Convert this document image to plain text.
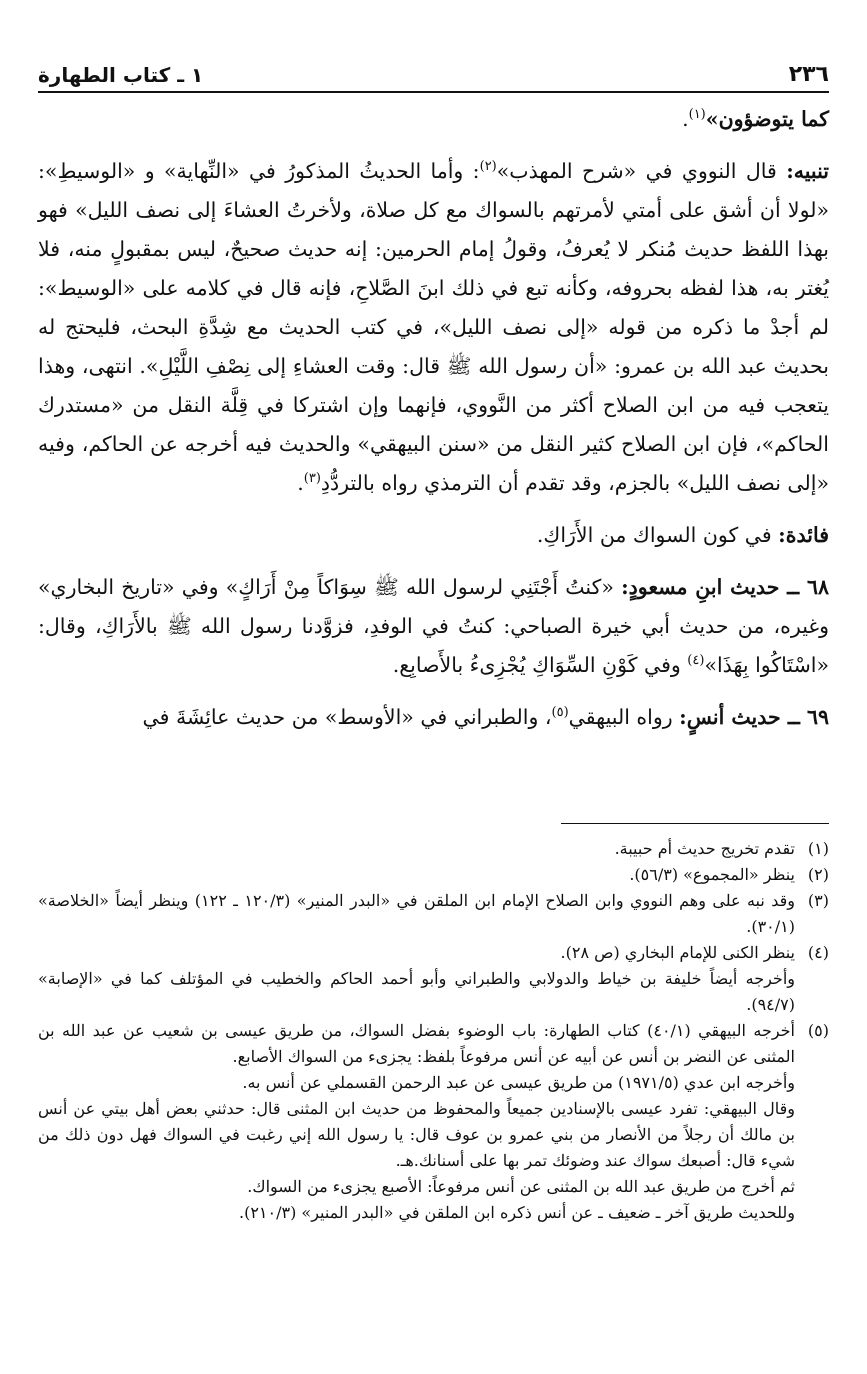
٢٣٦
١ ـ كتاب الطهارة

كما يتوضؤون»$^{(١)}$.

تنبيه: قال النووي في «شرح المهذب»$^{(٢)}$: وأما الحديثُ المذكورُ في «النِّهاية» و «الوسيطِ»: «لولا أن أشق على أمتي لأمرتهم بالسواك مع كل صلاة، ولأخرتُ العشاءَ إلى نصف الليل» فهو بهذا اللفظ حديث مُنكر لا يُعرفُ، وقولُ إمام الحرمين: إنه حديث صحيحٌ، ليس بمقبولٍ منه، فلا يُغتر به، هذا لفظه بحروفه، وكأنه تبع في ذلك ابنَ الصَّلاحِ، فإنه قال في كلامه على «الوسيط»: لم أجدْ ما ذكره من قوله «إلى نصف الليل»، في كتب الحديث مع شِدَّةِ البحث، فليحتج له بحديث عبد الله بن عمرو: «أن رسول الله ﷺ قال: وقت العشاءِ إلى نِصْفِ اللَّيْلِ». انتهى، وهذا يتعجب فيه من ابن الصلاح أكثر من النَّووي، فإنهما وإن اشتركا في قِلَّة النقل من «مستدرك الحاكم»، فإن ابن الصلاح كثير النقل من «سنن البيهقي» والحديث فيه أخرجه عن الحاكم، وفيه «إلى نصف الليل» بالجزم، وقد تقدم أن الترمذي رواه بالتردُّدِ$^{(٣)}$.

فائدة: في كون السواك من الأَرَاكِ.

٦٨ ــ حديث ابنِ مسعودٍ: «كنتُ أَجْتَنِي لرسول الله ﷺ سِوَاكاً مِنْ أَرَاكٍ» وفي «تاريخ البخاري» وغيره، من حديث أبي خيرة الصباحي: كنتُ في الوفدِ، فزوَّدنا رسول الله ﷺ بالأَرَاكِ، وقال: «اسْتَاكُوا بِهَذَا»$^{(٤)}$ وفي كَوْنِ السِّوَاكِ يُجْزِىءُ بالأَصابِع.

٦٩ ــ حديث أنسٍ: رواه البيهقي$^{(٥)}$، والطبراني في «الأوسط» من حديث عائِشَةَ في

(١)
تقدم تخريج حديث أم حبيبة.
(٢)
ينظر «المجموع» (٥٦/٣).
(٣)
وقد نبه على وهم النووي وابن الصلاح الإمام ابن الملقن في «البدر المنير» (١٢٠/٣ ـ ١٢٢) وينظر أيضاً «الخلاصة» (٣٠/١).
(٤)
ينظر الكنى للإمام البخاري (ص ٢٨).

وأخرجه أيضاً خليفة بن خياط والدولابي والطبراني وأبو أحمد الحاكم والخطيب في المؤتلف كما في «الإصابة» (٩٤/٧).

(٥)
أخرجه البيهقي (٤٠/١) كتاب الطهارة: باب الوضوء بفضل السواك، من طريق عيسى بن شعيب عن عبد الله بن المثنى عن النضر بن أنس عن أبيه عن أنس مرفوعاً بلفظ: يجزىء من السواك الأصابع.

وأخرجه ابن عدي (١٩٧١/٥) من طريق عيسى عن عبد الرحمن القسملي عن أنس به.

وقال البيهقي: تفرد عيسى بالإسنادين جميعاً والمحفوظ من حديث ابن المثنى قال: حدثني بعض أهل بيتي عن أنس بن مالك أن رجلاً من الأنصار من بني عمرو بن عوف قال: يا رسول الله إني رغبت في السواك فهل دون ذلك من شيء قال: أصبعك سواك عند وضوئك تمر بها على أسنانك.هـ.

ثم أخرج من طريق عبد الله بن المثنى عن أنس مرفوعاً: الأصبع يجزىء من السواك.

وللحديث طريق آخر ـ ضعيف ـ عن أنس ذكره ابن الملقن في «البدر المنير» (٢١٠/٣).
